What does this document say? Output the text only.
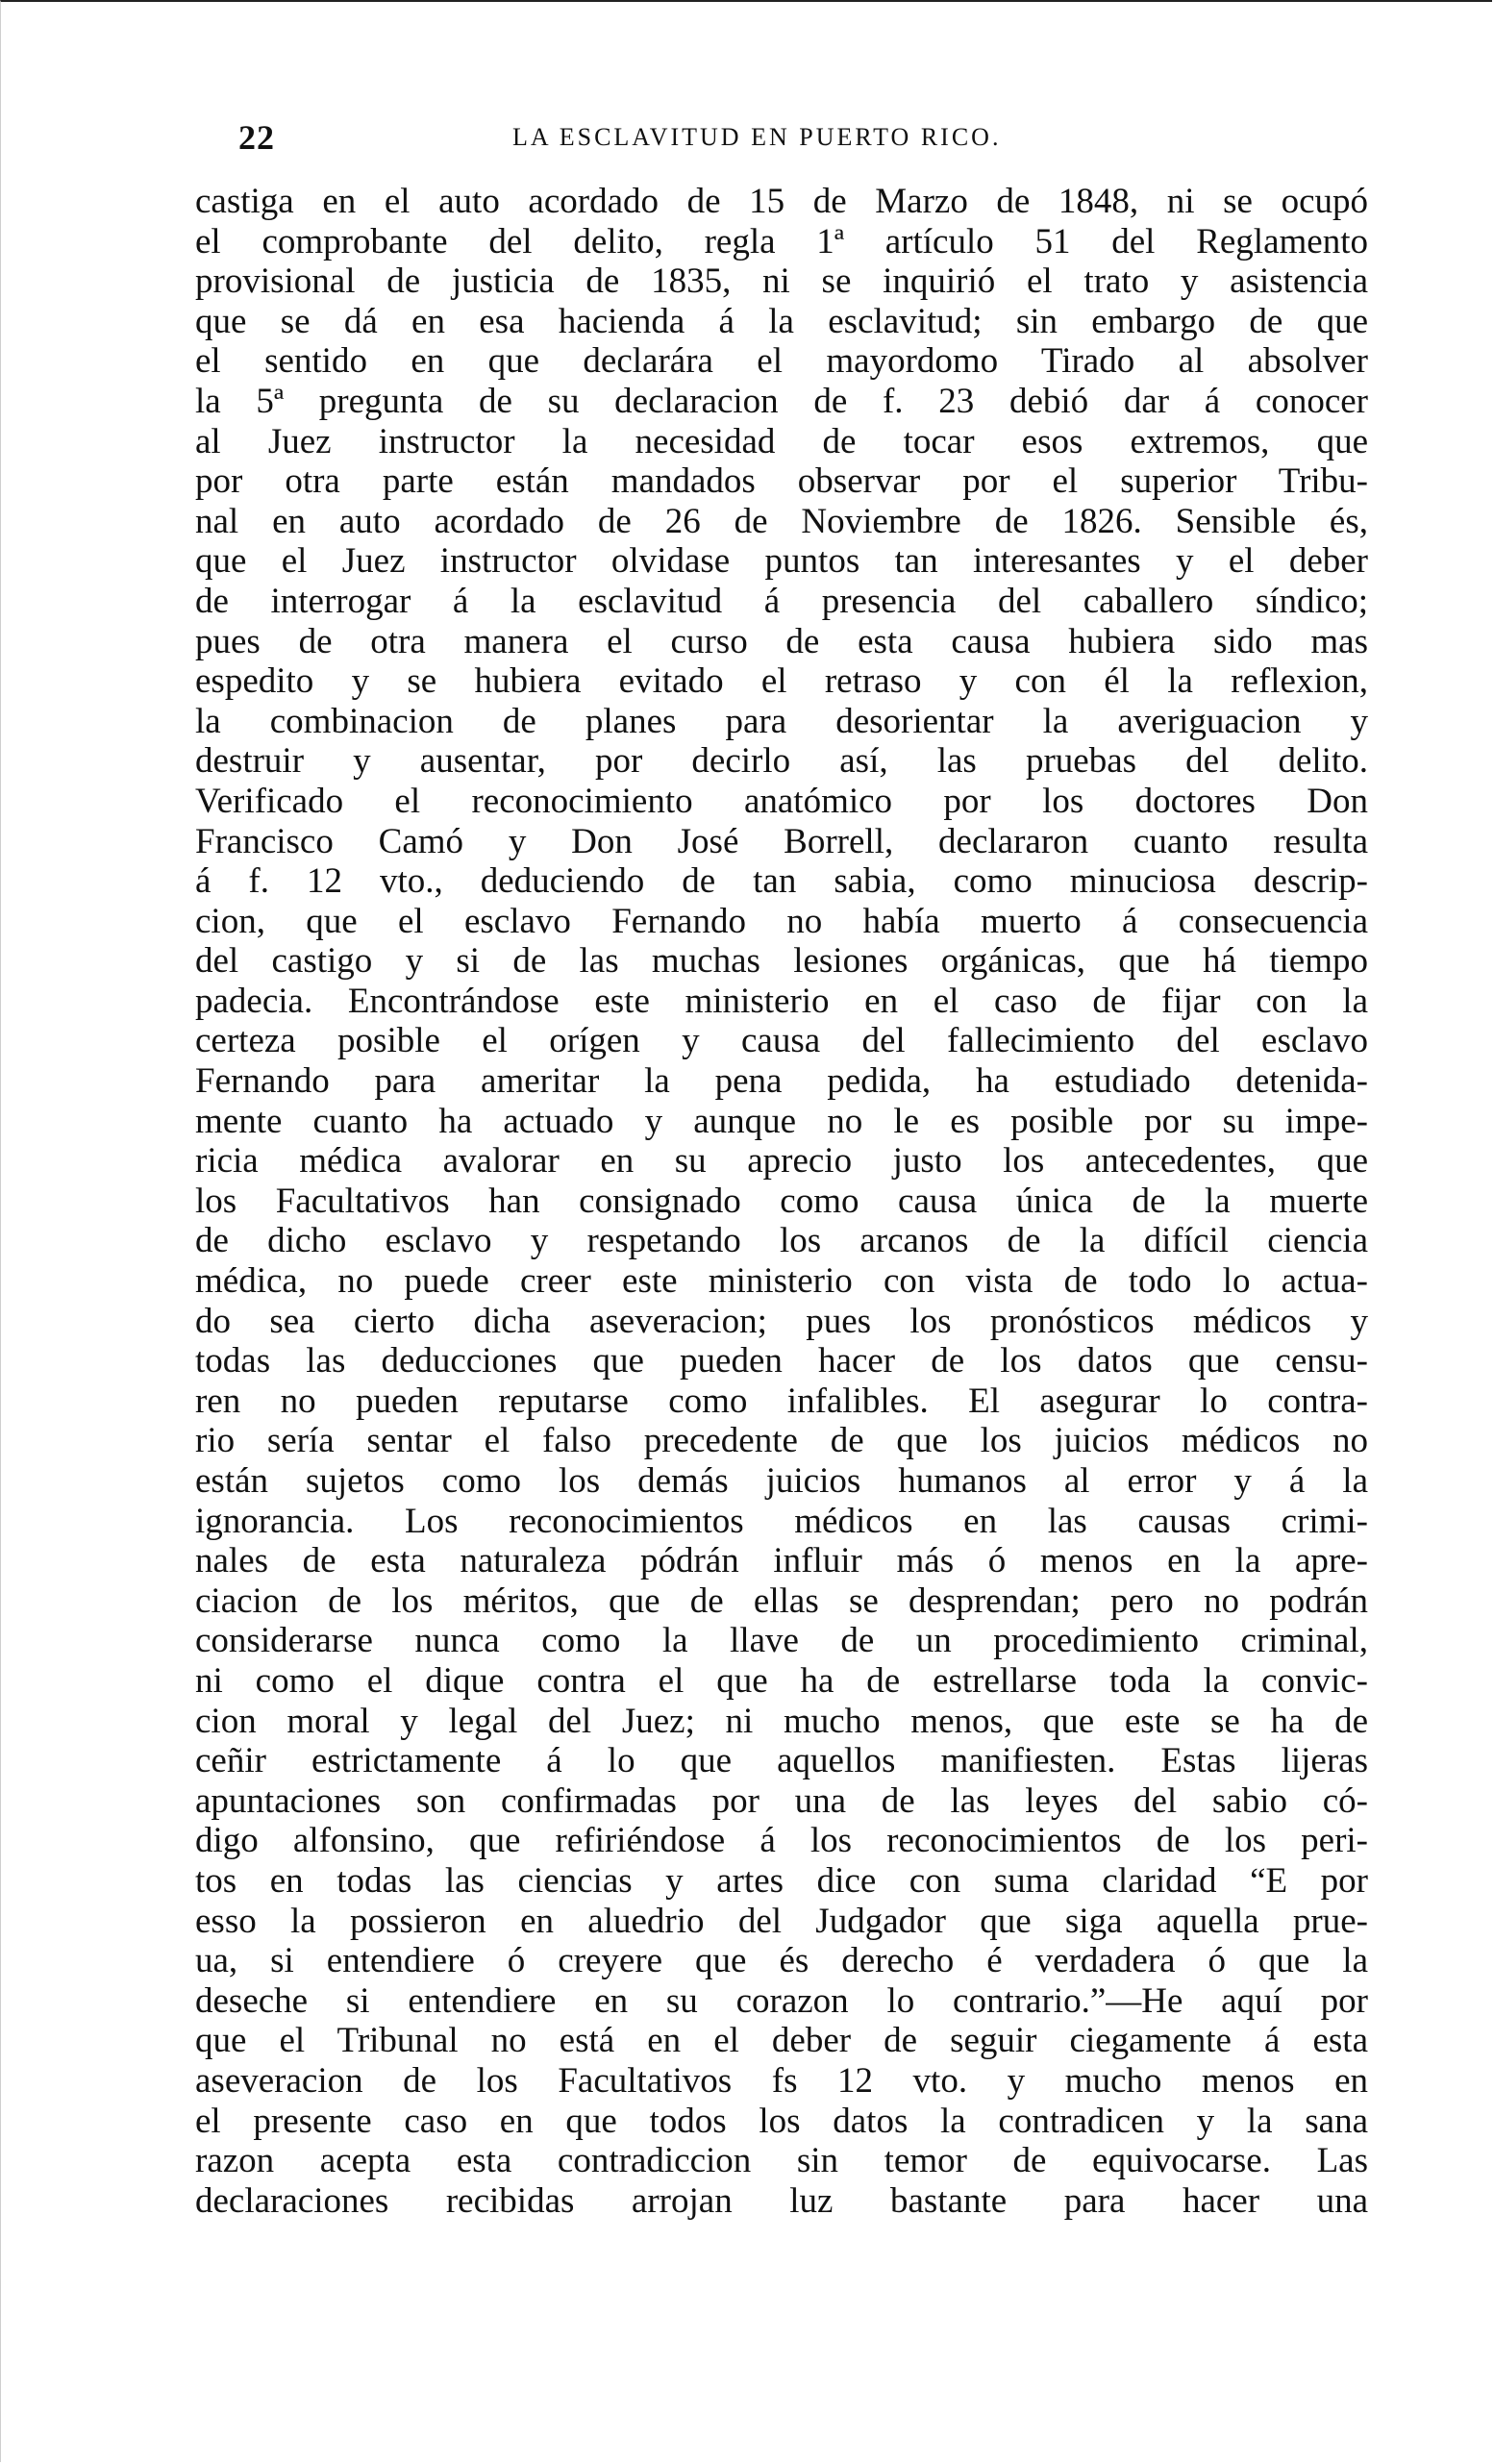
22	LA ESCLAVITUD EN PUERTO RICO.
castiga en el auto acordado de 15 de Marzo de 1848, ni se ocupó
el comprobante del delito, regla 1ª artículo 51 del Reglamento
provisional de justicia de 1835, ni se inquirió el trato y asistencia
que se dá en esa hacienda á la esclavitud; sin embargo de que
el sentido en que declarára el mayordomo Tirado al absolver
la 5ª pregunta de su declaracion de f. 23 debió dar á conocer
al Juez instructor la necesidad de tocar esos extremos, que
por otra parte están mandados observar por el superior Tribu-
nal en auto acordado de 26 de Noviembre de 1826. Sensible és,
que el Juez instructor olvidase puntos tan interesantes y el deber
de interrogar á la esclavitud á presencia del caballero síndico;
pues de otra manera el curso de esta causa hubiera sido mas
espedito y se hubiera evitado el retraso y con él la reflexion,
la combinacion de planes para desorientar la averiguacion y
destruir y ausentar, por decirlo así, las pruebas del delito.
Verificado el reconocimiento anatómico por los doctores Don
Francisco Camó y Don José Borrell, declararon cuanto resulta
á f. 12 vto., deduciendo de tan sabia, como minuciosa descrip-
cion, que el esclavo Fernando no había muerto á consecuencia
del castigo y si de las muchas lesiones orgánicas, que há tiempo
padecia. Encontrándose este ministerio en el caso de fijar con la
certeza posible el orígen y causa del fallecimiento del esclavo
Fernando para ameritar la pena pedida, ha estudiado detenida-
mente cuanto ha actuado y aunque no le es posible por su impe-
ricia médica avalorar en su aprecio justo los antecedentes, que
los Facultativos han consignado como causa única de la muerte
de dicho esclavo y respetando los arcanos de la difícil ciencia
médica, no puede creer este ministerio con vista de todo lo actua-
do sea cierto dicha aseveracion; pues los pronósticos médicos y
todas las deducciones que pueden hacer de los datos que censu-
ren no pueden reputarse como infalibles. El asegurar lo contra-
rio sería sentar el falso precedente de que los juicios médicos no
están sujetos como los demás juicios humanos al error y á la
ignorancia. Los reconocimientos médicos en las causas crimi-
nales de esta naturaleza pódrán influir más ó menos en la apre-
ciacion de los méritos, que de ellas se desprendan; pero no podrán
considerarse nunca como la llave de un procedimiento criminal,
ni como el dique contra el que ha de estrellarse toda la convic-
cion moral y legal del Juez; ni mucho menos, que este se ha de
ceñir estrictamente á lo que aquellos manifiesten. Estas lijeras
apuntaciones son confirmadas por una de las leyes del sabio có-
digo alfonsino, que refiriéndose á los reconocimientos de los peri-
tos en todas las ciencias y artes dice con suma claridad “E por
esso la possieron en aluedrio del Judgador que siga aquella prue-
ua, si entendiere ó creyere que és derecho é verdadera ó que la
deseche si entendiere en su corazon lo contrario.”—He aquí por
que el Tribunal no está en el deber de seguir ciegamente á esta
aseveracion de los Facultativos fs 12 vto. y mucho menos en
el presente caso en que todos los datos la contradicen y la sana
razon acepta esta contradiccion sin temor de equivocarse. Las
declaraciones recibidas arrojan luz bastante para hacer una
